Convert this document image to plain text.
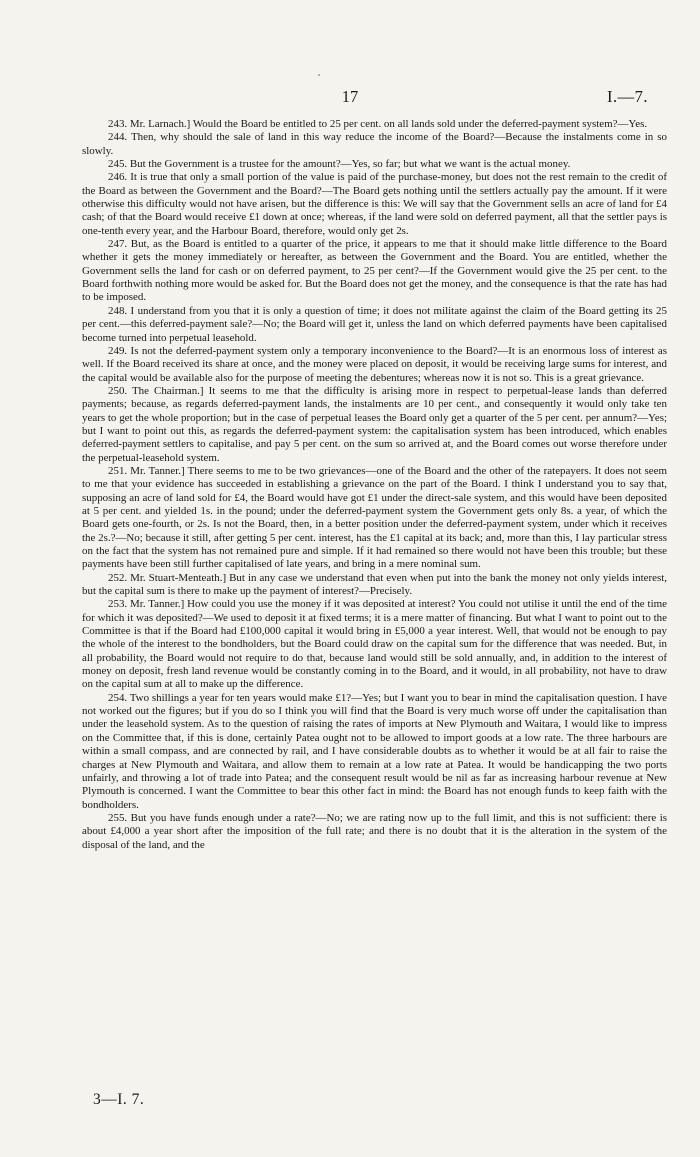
17	I.—7.

243. Mr. Larnach.] Would the Board be entitled to 25 per cent. on all lands sold under the deferred-payment system?—Yes.

244. Then, why should the sale of land in this way reduce the income of the Board?—Because the instalments come in so slowly.

245. But the Government is a trustee for the amount?—Yes, so far; but what we want is the actual money.

246. It is true that only a small portion of the value is paid of the purchase-money, but does not the rest remain to the credit of the Board as between the Government and the Board?—The Board gets nothing until the settlers actually pay the amount. If it were otherwise this difficulty would not have arisen, but the difference is this: We will say that the Government sells an acre of land for £4 cash; of that the Board would receive £1 down at once; whereas, if the land were sold on deferred payment, all that the settler pays is one-tenth every year, and the Harbour Board, therefore, would only get 2s.

247. But, as the Board is entitled to a quarter of the price, it appears to me that it should make little difference to the Board whether it gets the money immediately or hereafter, as between the Government and the Board. You are entitled, whether the Government sells the land for cash or on deferred payment, to 25 per cent?—If the Government would give the 25 per cent. to the Board forthwith nothing more would be asked for. But the Board does not get the money, and the consequence is that the rate has had to be imposed.

248. I understand from you that it is only a question of time; it does not militate against the claim of the Board getting its 25 per cent.—this deferred-payment sale?—No; the Board will get it, unless the land on which deferred payments have been capitalised become turned into perpetual leasehold.

249. Is not the deferred-payment system only a temporary inconvenience to the Board?—It is an enormous loss of interest as well. If the Board received its share at once, and the money were placed on deposit, it would be receiving large sums for interest, and the capital would be available also for the purpose of meeting the debentures; whereas now it is not so. This is a great grievance.

250. The Chairman.] It seems to me that the difficulty is arising more in respect to perpetual-lease lands than deferred payments; because, as regards deferred-payment lands, the instalments are 10 per cent., and consequently it would only take ten years to get the whole proportion; but in the case of perpetual leases the Board only get a quarter of the 5 per cent. per annum?—Yes; but I want to point out this, as regards the deferred-payment system: the capitalisation system has been introduced, which enables deferred-payment settlers to capitalise, and pay 5 per cent. on the sum so arrived at, and the Board comes out worse therefore under the perpetual-leasehold system.

251. Mr. Tanner.] There seems to me to be two grievances—one of the Board and the other of the ratepayers. It does not seem to me that your evidence has succeeded in establishing a grievance on the part of the Board. I think I understand you to say that, supposing an acre of land sold for £4, the Board would have got £1 under the direct-sale system, and this would have been deposited at 5 per cent. and yielded 1s. in the pound; under the deferred-payment system the Government gets only 8s. a year, of which the Board gets one-fourth, or 2s. Is not the Board, then, in a better position under the deferred-payment system, under which it receives the 2s.?—No; because it still, after getting 5 per cent. interest, has the £1 capital at its back; and, more than this, I lay particular stress on the fact that the system has not remained pure and simple. If it had remained so there would not have been this trouble; but these payments have been still further capitalised of late years, and bring in a mere nominal sum.

252. Mr. Stuart-Menteath.] But in any case we understand that even when put into the bank the money not only yields interest, but the capital sum is there to make up the payment of interest?—Precisely.

253. Mr. Tanner.] How could you use the money if it was deposited at interest? You could not utilise it until the end of the time for which it was deposited?—We used to deposit it at fixed terms; it is a mere matter of financing. But what I want to point out to the Committee is that if the Board had £100,000 capital it would bring in £5,000 a year interest. Well, that would not be enough to pay the whole of the interest to the bondholders, but the Board could draw on the capital sum for the difference that was needed. But, in all probability, the Board would not require to do that, because land would still be sold annually, and, in addition to the interest of money on deposit, fresh land revenue would be constantly coming in to the Board, and it would, in all probability, not have to draw on the capital sum at all to make up the difference.

254. Two shillings a year for ten years would make £1?—Yes; but I want you to bear in mind the capitalisation question. I have not worked out the figures; but if you do so I think you will find that the Board is very much worse off under the capitalisation than under the leasehold system. As to the question of raising the rates of imports at New Plymouth and Waitara, I would like to impress on the Committee that, if this is done, certainly Patea ought not to be allowed to import goods at a low rate. The three harbours are within a small compass, and are connected by rail, and I have considerable doubts as to whether it would be at all fair to raise the charges at New Plymouth and Waitara, and allow them to remain at a low rate at Patea. It would be handicapping the two ports unfairly, and throwing a lot of trade into Patea; and the consequent result would be nil as far as increasing harbour revenue at New Plymouth is concerned. I want the Committee to bear this other fact in mind: the Board has not enough funds to keep faith with the bondholders.

255. But you have funds enough under a rate?—No; we are rating now up to the full limit, and this is not sufficient: there is about £4,000 a year short after the imposition of the full rate; and there is no doubt that it is the alteration in the system of the disposal of the land, and the

3—I. 7.
